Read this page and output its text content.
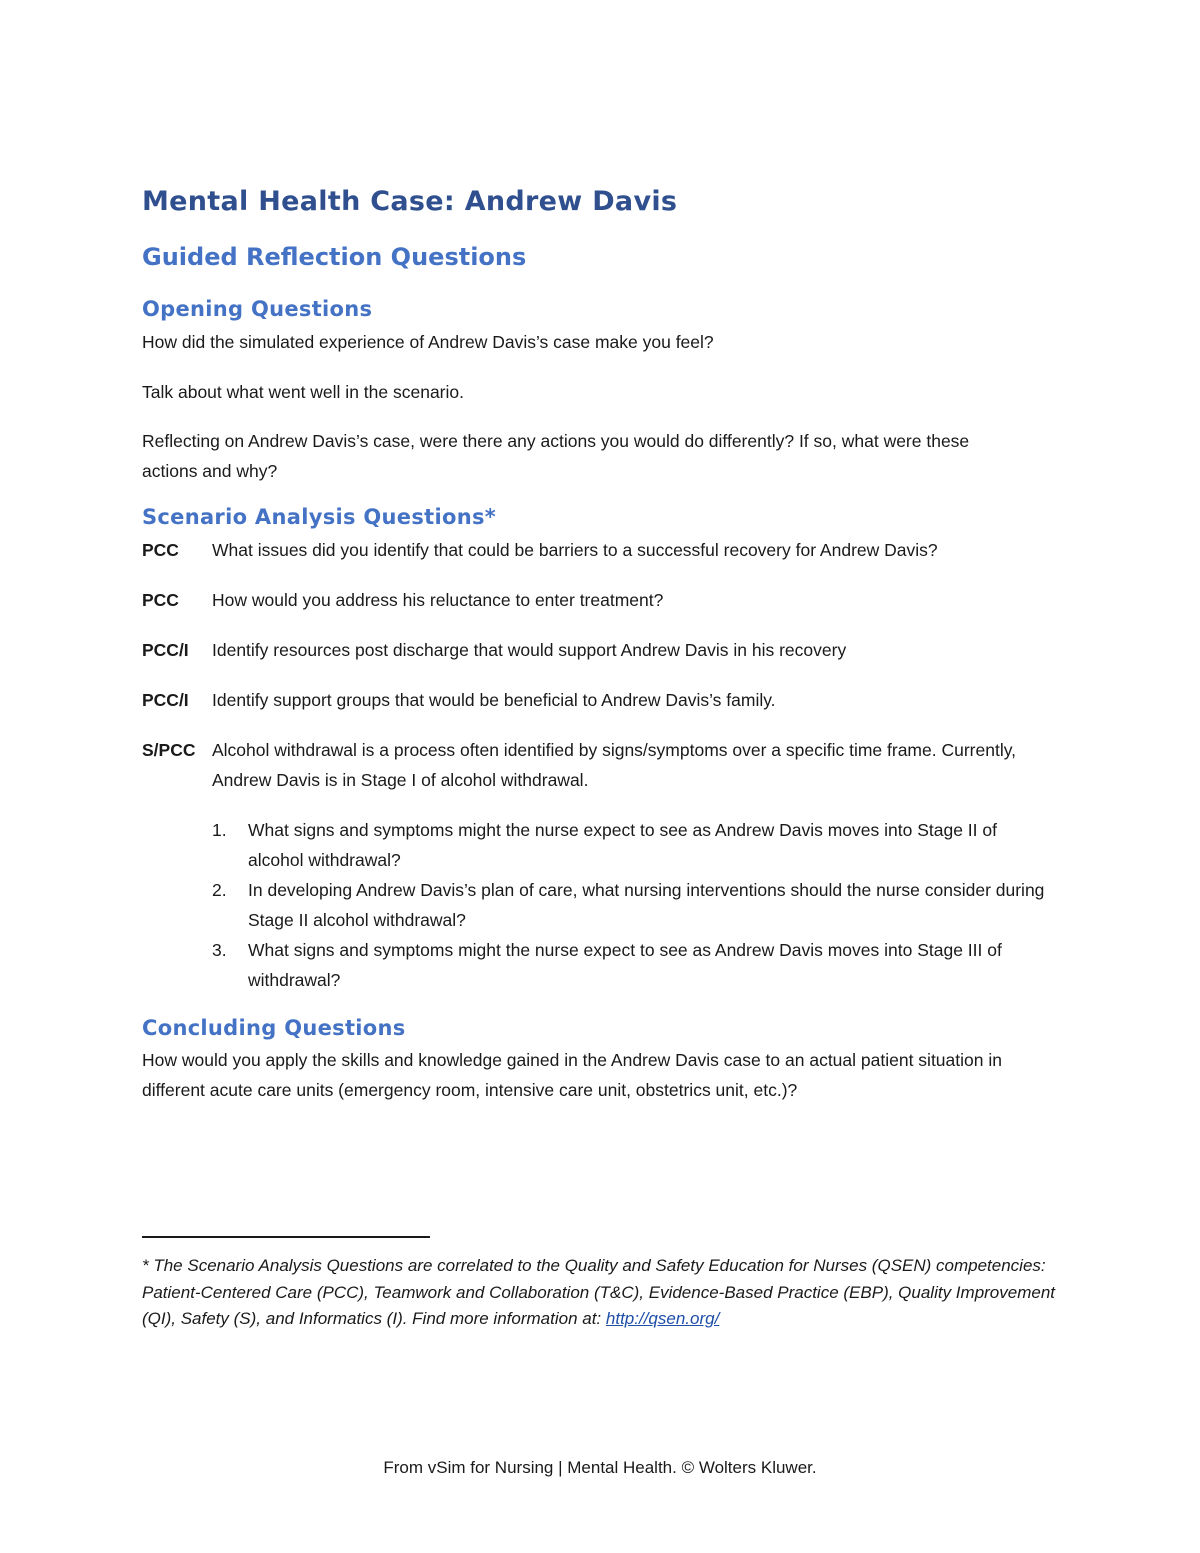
Mental Health Case: Andrew Davis
Guided Reflection Questions
Opening Questions

How did the simulated experience of Andrew Davis’s case make you feel?

Talk about what went well in the scenario.

Reflecting on Andrew Davis’s case, were there any actions you would do differently? If so, what were these actions and why?

Scenario Analysis Questions*
PCC	What issues did you identify that could be barriers to a successful recovery for Andrew Davis?
PCC	How would you address his reluctance to enter treatment?
PCC/I	Identify resources post discharge that would support Andrew Davis in his recovery
PCC/I	Identify support groups that would be beneficial to Andrew Davis’s family.
S/PCC Alcohol withdrawal is a process often identified by signs/symptoms over a specific time frame. Currently, Andrew Davis is in Stage I of alcohol withdrawal.
1. What signs and symptoms might the nurse expect to see as Andrew Davis moves into Stage II of alcohol withdrawal?
2. In developing Andrew Davis’s plan of care, what nursing interventions should the nurse consider during Stage II alcohol withdrawal?
3. What signs and symptoms might the nurse expect to see as Andrew Davis moves into Stage III of withdrawal?
Concluding Questions

How would you apply the skills and knowledge gained in the Andrew Davis case to an actual patient situation in different acute care units (emergency room, intensive care unit, obstetrics unit, etc.)?

* The Scenario Analysis Questions are correlated to the Quality and Safety Education for Nurses (QSEN) competencies: Patient-Centered Care (PCC), Teamwork and Collaboration (T&C), Evidence-Based Practice (EBP), Quality Improvement (QI), Safety (S), and Informatics (I). Find more information at: http://qsen.org/

From vSim for Nursing | Mental Health. © Wolters Kluwer.
